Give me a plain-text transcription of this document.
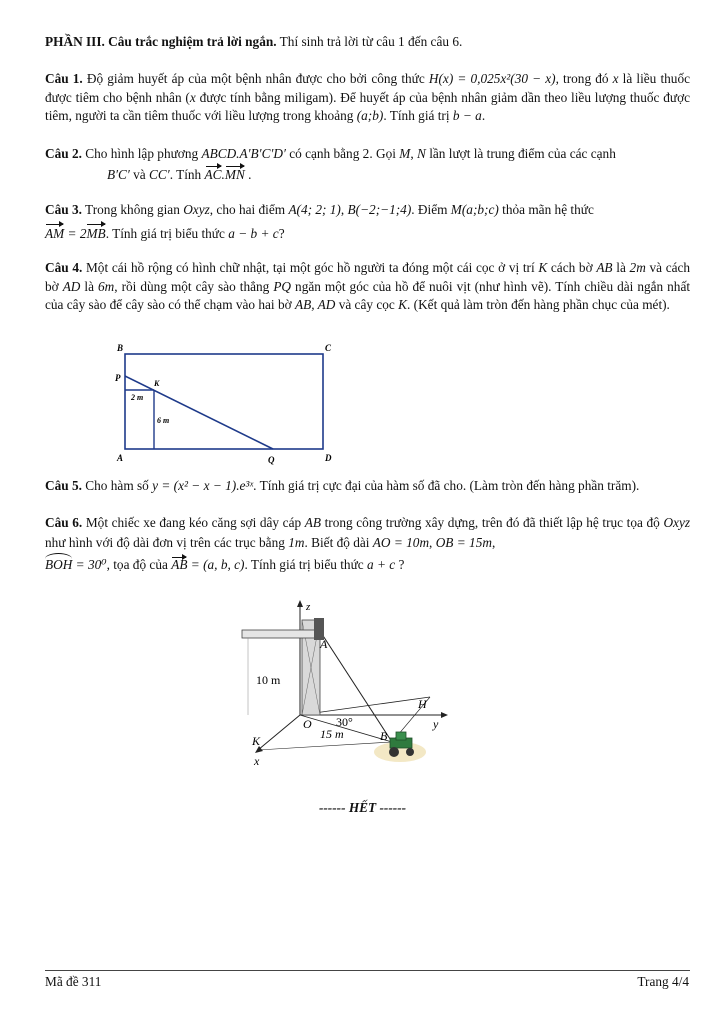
PHẦN III. Câu trắc nghiệm trả lời ngắn. Thí sinh trả lời từ câu 1 đến câu 6.
Câu 1. Độ giảm huyết áp của một bệnh nhân được cho bởi công thức H(x) = 0,025x²(30 − x), trong đó x là liều thuốc được tiêm cho bệnh nhân (x được tính bằng miligam). Để huyết áp của bệnh nhân giảm dần theo liều lượng thuốc được tiêm, người ta cần tiêm thuốc với liều lượng trong khoảng (a;b). Tính giá trị b − a.
Câu 2. Cho hình lập phương ABCD.A′B′C′D′ có cạnh bằng 2. Gọi M, N lần lượt là trung điểm của các cạnh
B′C′ và CC′. Tính AC.MN .
Câu 3. Trong không gian Oxyz, cho hai điểm A(4; 2; 1), B(−2;−1;4). Điểm M(a;b;c) thỏa mãn hệ thức
AM = 2MB. Tính giá trị biểu thức a − b + c?
Câu 4. Một cái hồ rộng có hình chữ nhật, tại một góc hồ người ta đóng một cái cọc ở vị trí K cách bờ AB là 2m và cách bờ AD là 6m, rồi dùng một cây sào thẳng PQ ngăn một góc của hồ để nuôi vịt (như hình vẽ). Tính chiều dài ngắn nhất của cây sào để cây sào có thể chạm vào hai bờ AB, AD và cây cọc K. (Kết quả làm tròn đến hàng phần chục của mét).
B	C
P
K
2 m
6 m
A	Q	D
Câu 5. Cho hàm số y = (x² − x − 1).e³ˣ. Tính giá trị cực đại của hàm số đã cho. (Làm tròn đến hàng phần trăm).
Câu 6. Một chiếc xe đang kéo căng sợi dây cáp AB trong công trường xây dựng, trên đó đã thiết lập hệ trục tọa độ Oxyz như hình với độ dài đơn vị trên các trục bằng 1m. Biết độ dài AO = 10m, OB = 15m,
BOH = 30⁰, tọa độ của AB = (a, b, c). Tính giá trị biểu thức a + c ?
z
A
10 m
O 30°
15 m
H
y
B
K
x
------ HẾT ------
Mã đề 311	Trang 4/4
